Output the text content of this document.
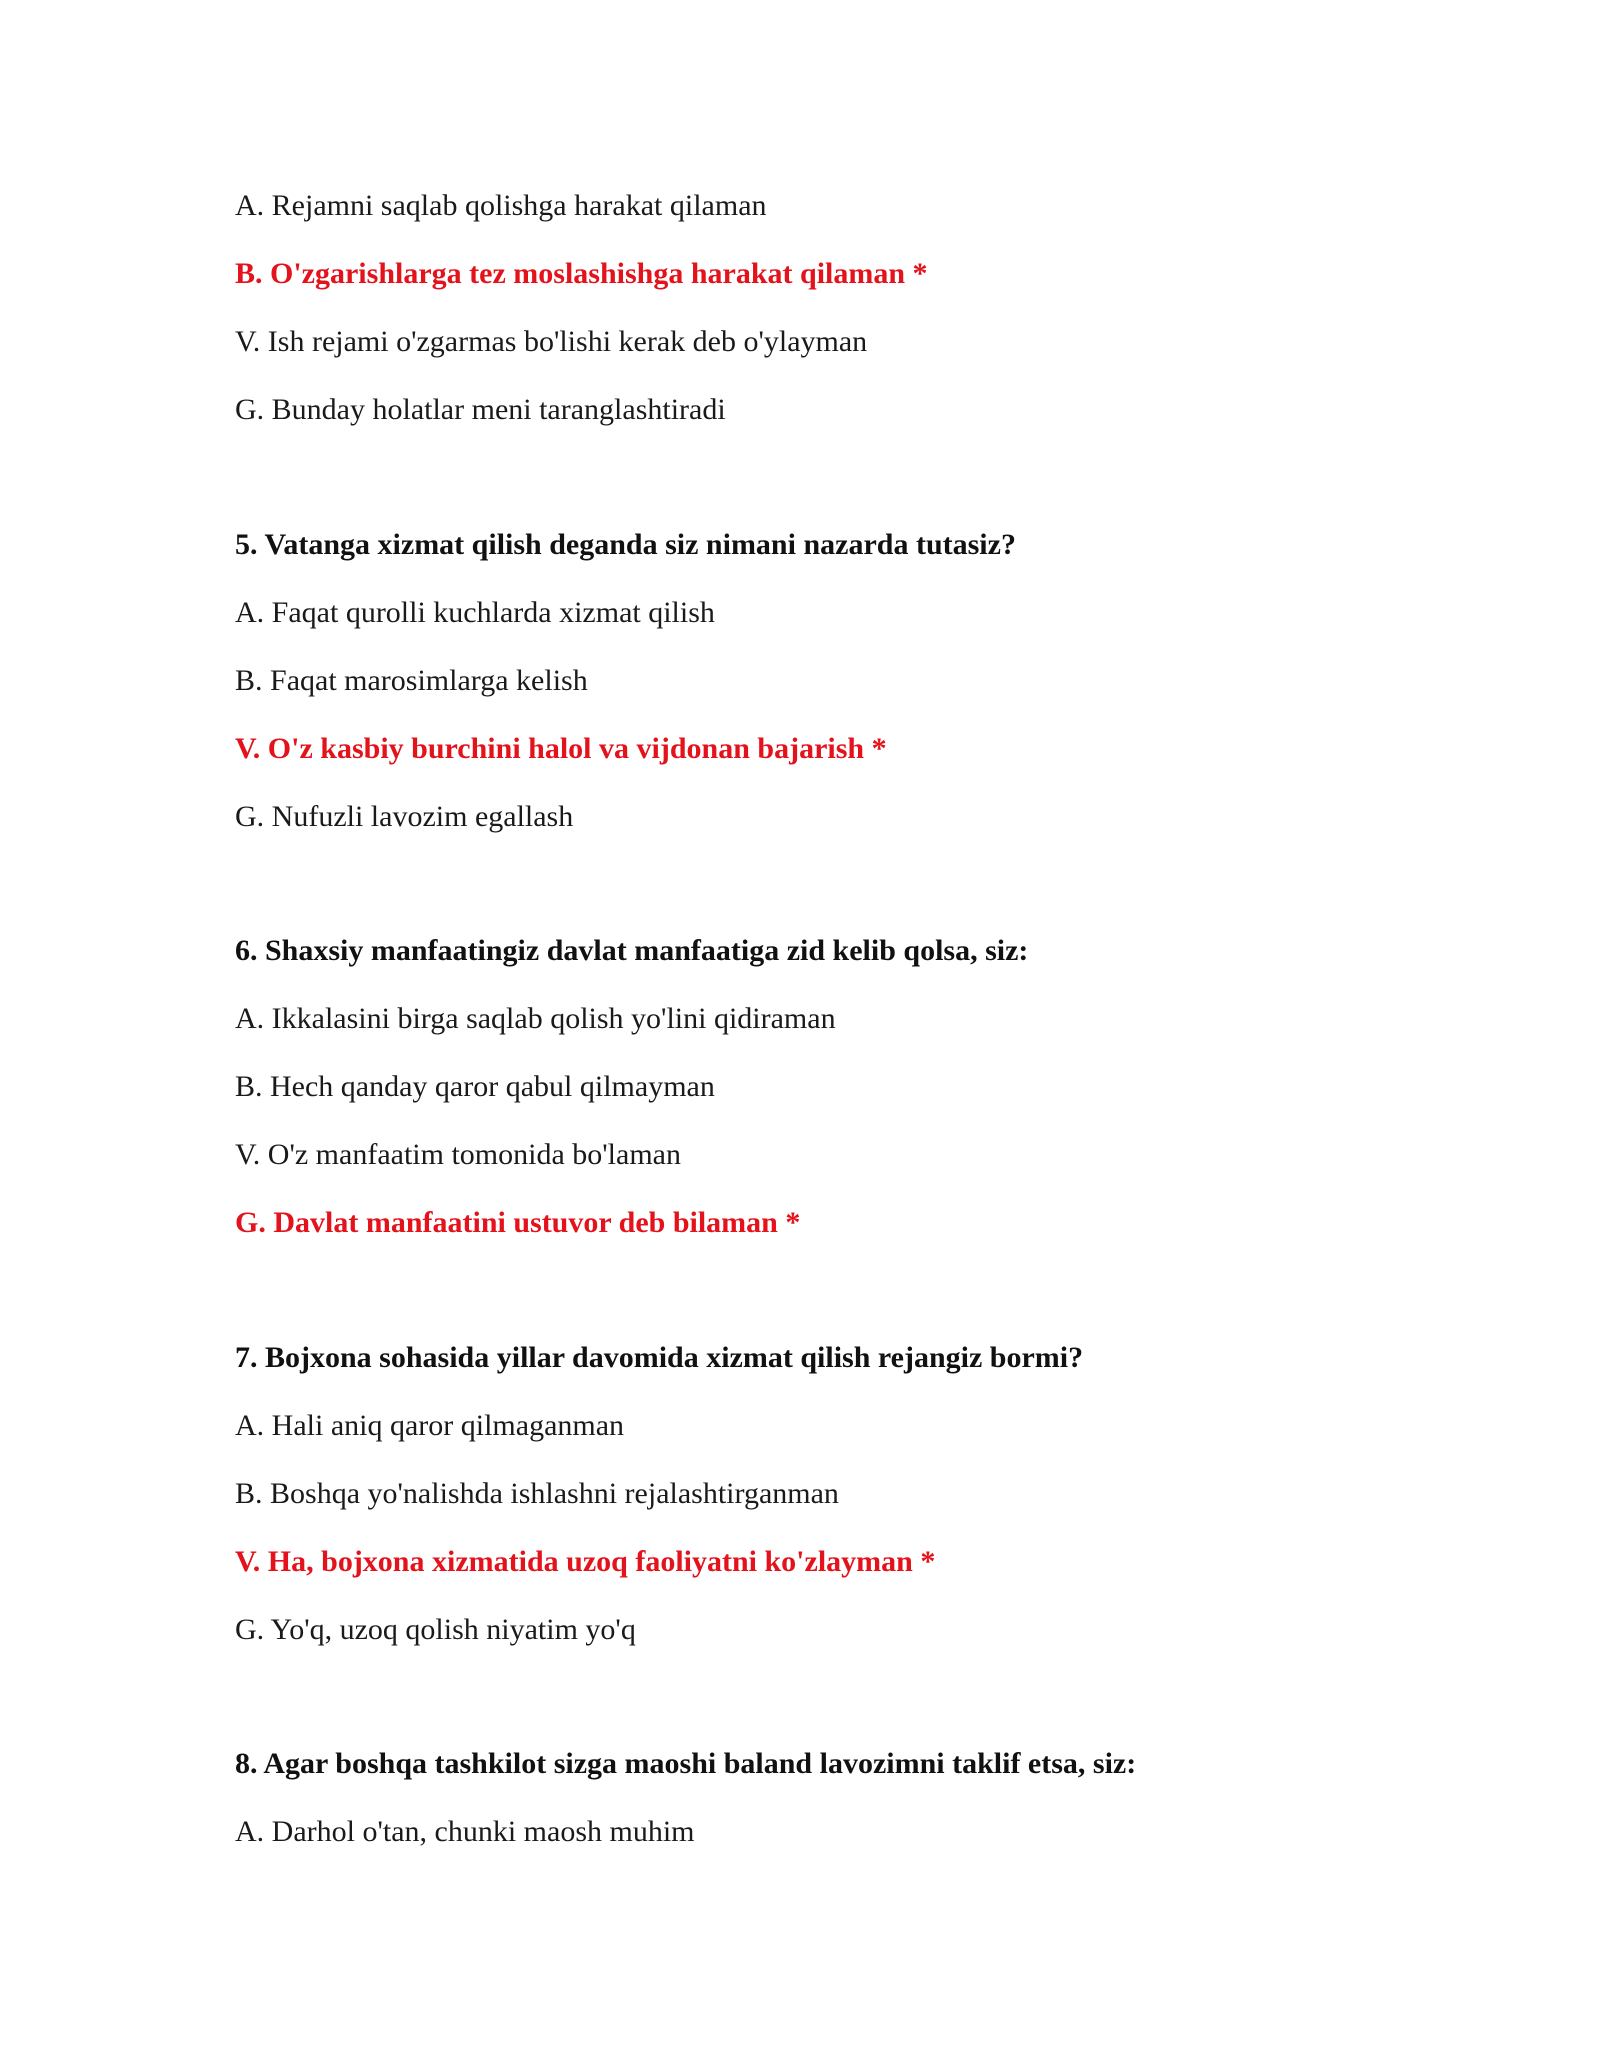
A. Rejamni saqlab qolishga harakat qilaman
B. O'zgarishlarga tez moslashishga harakat qilaman *
V. Ish rejami o'zgarmas bo'lishi kerak deb o'ylayman
G. Bunday holatlar meni taranglashtiradi
5. Vatanga xizmat qilish deganda siz nimani nazarda tutasiz?
A. Faqat qurolli kuchlarda xizmat qilish
B. Faqat marosimlarga kelish
V. O'z kasbiy burchini halol va vijdonan bajarish *
G. Nufuzli lavozim egallash
6. Shaxsiy manfaatingiz davlat manfaatiga zid kelib qolsa, siz:
A. Ikkalasini birga saqlab qolish yo'lini qidiraman
B. Hech qanday qaror qabul qilmayman
V. O'z manfaatim tomonida bo'laman
G. Davlat manfaatini ustuvor deb bilaman *
7. Bojxona sohasida yillar davomida xizmat qilish rejangiz bormi?
A. Hali aniq qaror qilmaganman
B. Boshqa yo'nalishda ishlashni rejalashtirganman
V. Ha, bojxona xizmatida uzoq faoliyatni ko'zlayman *
G. Yo'q, uzoq qolish niyatim yo'q
8. Agar boshqa tashkilot sizga maoshi baland lavozimni taklif etsa, siz:
A. Darhol o'tan, chunki maosh muhim
